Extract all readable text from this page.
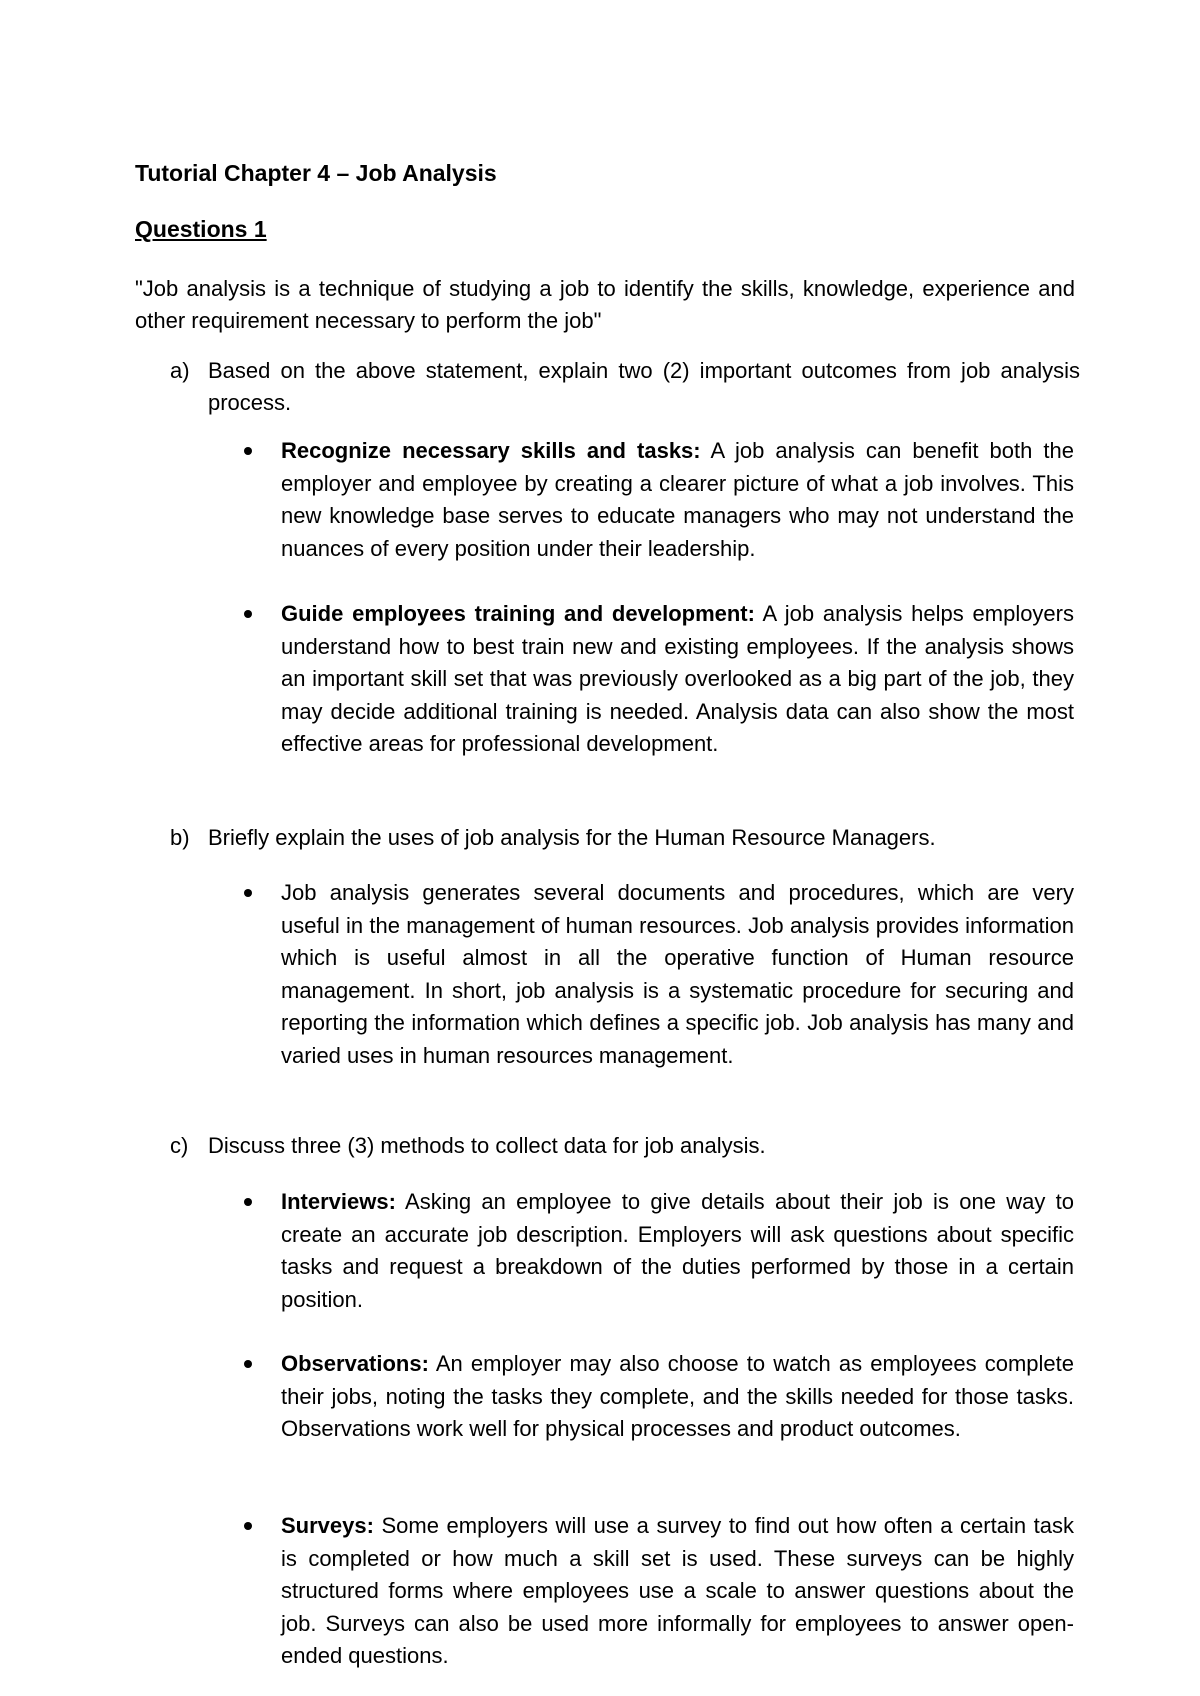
Tutorial Chapter 4 – Job Analysis
Questions 1
"Job analysis is a technique of studying a job to identify the skills, knowledge, experience and other requirement necessary to perform the job"
a) Based on the above statement, explain two (2) important outcomes from job analysis process.
Recognize necessary skills and tasks: A job analysis can benefit both the employer and employee by creating a clearer picture of what a job involves. This new knowledge base serves to educate managers who may not understand the nuances of every position under their leadership.
Guide employees training and development: A job analysis helps employers understand how to best train new and existing employees. If the analysis shows an important skill set that was previously overlooked as a big part of the job, they may decide additional training is needed. Analysis data can also show the most effective areas for professional development.
b) Briefly explain the uses of job analysis for the Human Resource Managers.
Job analysis generates several documents and procedures, which are very useful in the management of human resources. Job analysis provides information which is useful almost in all the operative function of Human resource management. In short, job analysis is a systematic procedure for securing and reporting the information which defines a specific job. Job analysis has many and varied uses in human resources management.
c) Discuss three (3) methods to collect data for job analysis.
Interviews: Asking an employee to give details about their job is one way to create an accurate job description. Employers will ask questions about specific tasks and request a breakdown of the duties performed by those in a certain position.
Observations: An employer may also choose to watch as employees complete their jobs, noting the tasks they complete, and the skills needed for those tasks. Observations work well for physical processes and product outcomes.
Surveys: Some employers will use a survey to find out how often a certain task is completed or how much a skill set is used. These surveys can be highly structured forms where employees use a scale to answer questions about the job. Surveys can also be used more informally for employees to answer open-ended questions.
